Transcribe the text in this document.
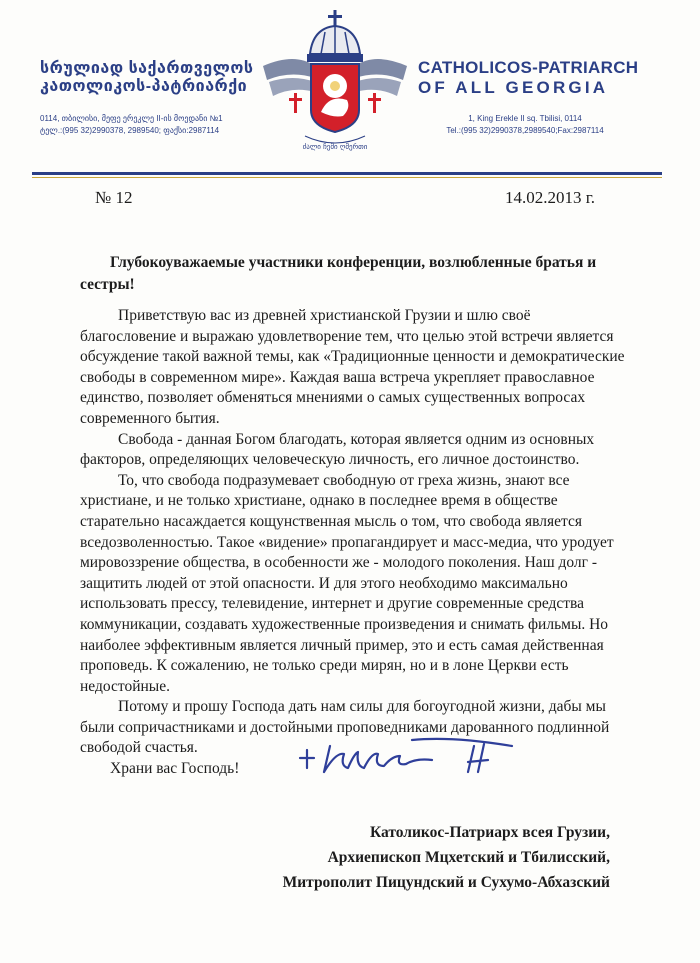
სრულიად საქართველოს
კათოლიკოს-პატრიარქი
0114, თბილისი, მეფე ერეკლე II-ის მოედანი №1
ტელ.:(995 32)2990378, 2989540; ფაქსი:2987114
ძალი ჩემი ღმერთი
CATHOLICOS-PATRIARCH
OF ALL GEORGIA
1, King Erekle II sq. Tbilisi, 0114
Tel.:(995 32)2990378,2989540;Fax:2987114
№ 12	14.02.2013 г.
Глубокоуважаемые участники конференции, возлюбленные братья и
сестры!

Приветствую вас из древней христианской Грузии и шлю своё благословение и выражаю удовлетворение тем, что целью этой встречи является обсуждение такой важной темы, как «Традиционные ценности и демократические свободы в современном мире». Каждая ваша встреча укрепляет православное единство, позволяет обменяться мнениями о самых существенных вопросах современного бытия.

Свобода - данная Богом благодать, которая является одним из основных факторов, определяющих человеческую личность, его личное достоинство.

То, что свобода подразумевает свободную от греха жизнь, знают все христиане, и не только христиане, однако в последнее время в обществе старательно насаждается кощунственная мысль о том, что свобода является вседозволенностью. Такое «видение» пропагандирует и масс-медиа, что уродует мировоззрение общества, в особенности же - молодого поколения. Наш долг - защитить людей от этой опасности. И для этого необходимо максимально использовать прессу, телевидение, интернет и другие современные средства коммуникации, создавать художественные произведения и снимать фильмы. Но наиболее эффективным является личный пример, это и есть самая действенная проповедь. К сожалению, не только среди мирян, но и в лоне Церкви есть недостойные.

Потому и прошу Господа дать нам силы для богоугодной жизни, дабы мы были сопричастниками и достойными проповедниками дарованного подлинной свободой счастья.

Храни вас Господь!

Католикос-Патриарх всея Грузии,
Архиепископ Мцхетский и Тбилисский,
Митрополит Пицундский и Сухумо-Абхазский
